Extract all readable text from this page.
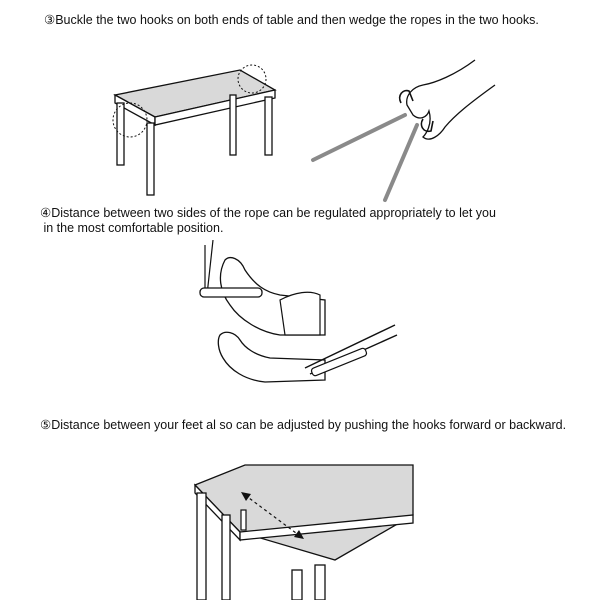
③Buckle the two hooks on both ends of table and then wedge the ropes in the two hooks.
④Distance between two sides of the rope can be regulated appropriately to let you
in the most comfortable position.
⑤Distance between your feet al so can be adjusted by pushing the hooks forward or backward.
